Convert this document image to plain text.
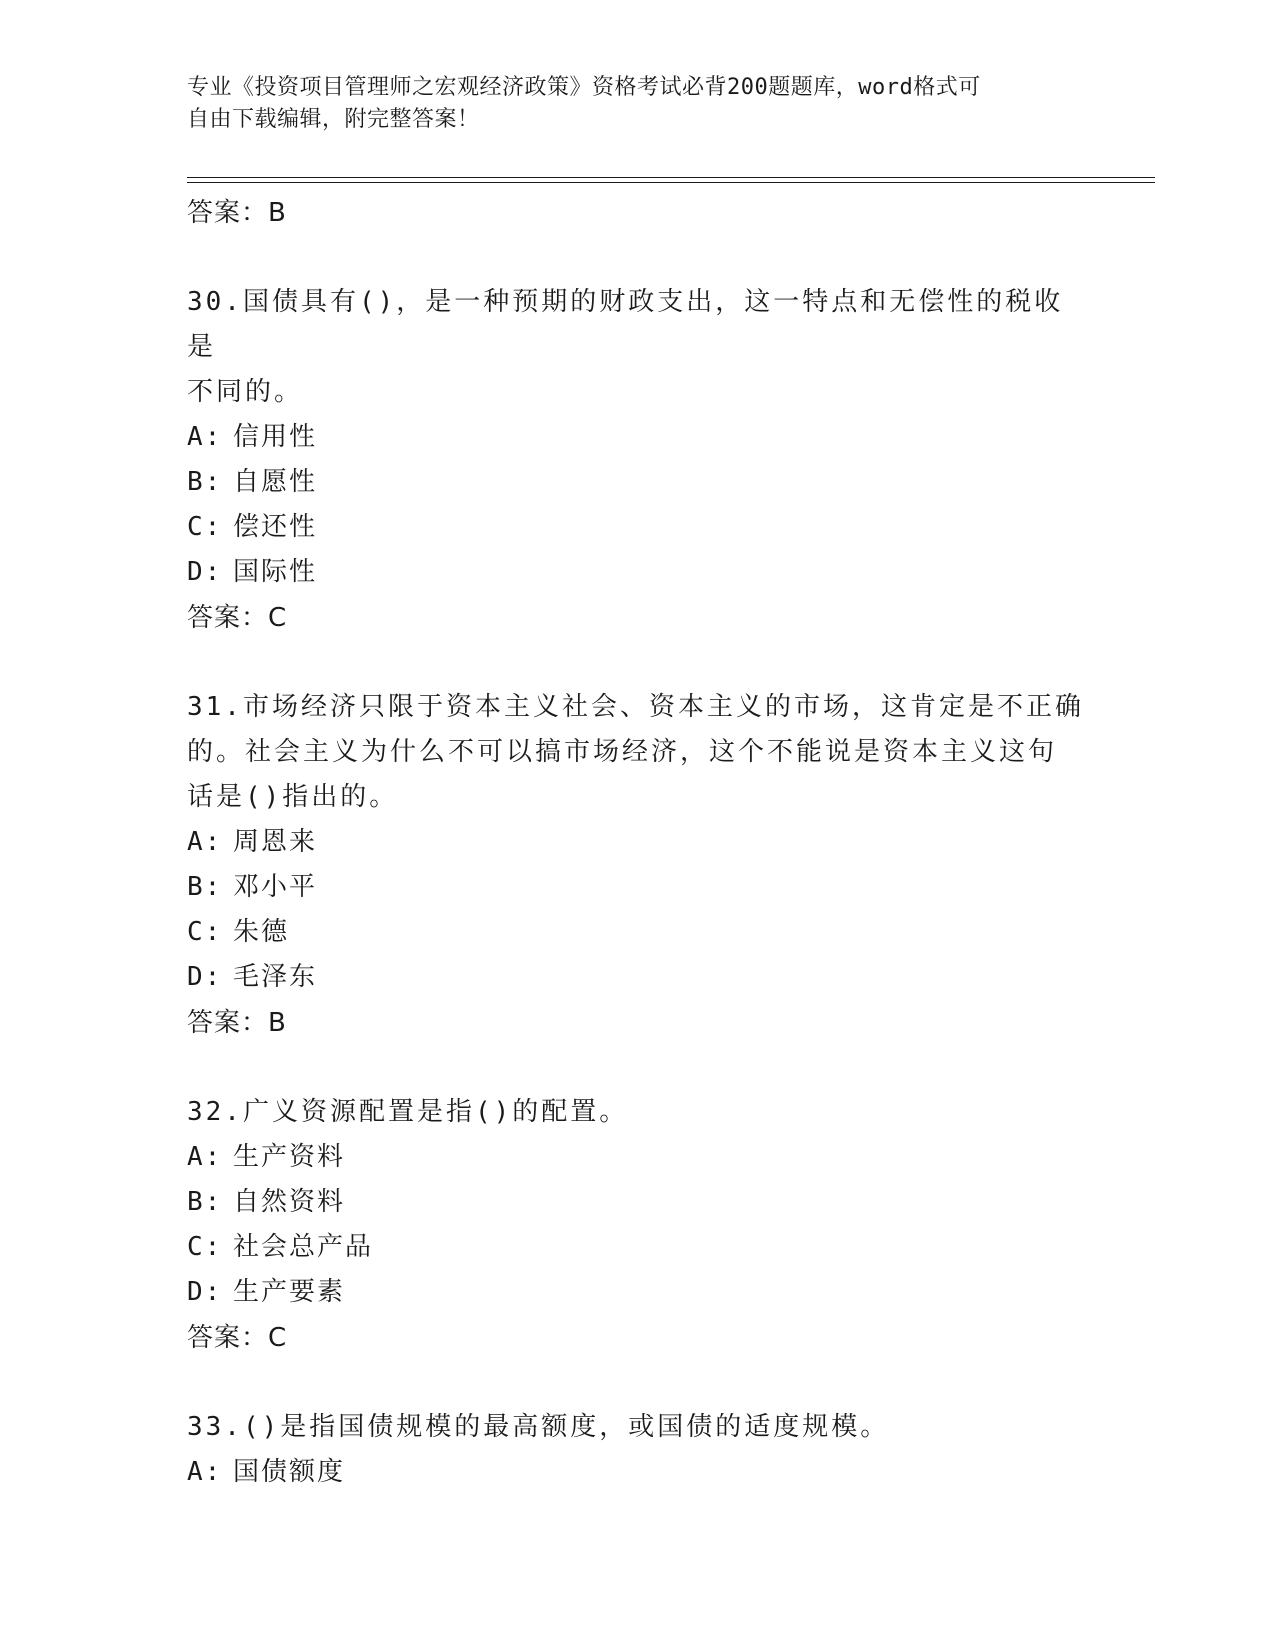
专业《投资项目管理师之宏观经济政策》资格考试必背200题题库，word格式可
自由下载编辑，附完整答案！
答案：B
30.国债具有()，是一种预期的财政支出，这一特点和无偿性的税收是
不同的。
A: 信用性
B: 自愿性
C: 偿还性
D: 国际性
答案：C
31.市场经济只限于资本主义社会、资本主义的市场，这肯定是不正确
的。社会主义为什么不可以搞市场经济，这个不能说是资本主义这句
话是()指出的。
A: 周恩来
B: 邓小平
C: 朱德
D: 毛泽东
答案：B
32.广义资源配置是指()的配置。
A: 生产资料
B: 自然资料
C: 社会总产品
D: 生产要素
答案：C
33.()是指国债规模的最高额度，或国债的适度规模。
A: 国债额度
